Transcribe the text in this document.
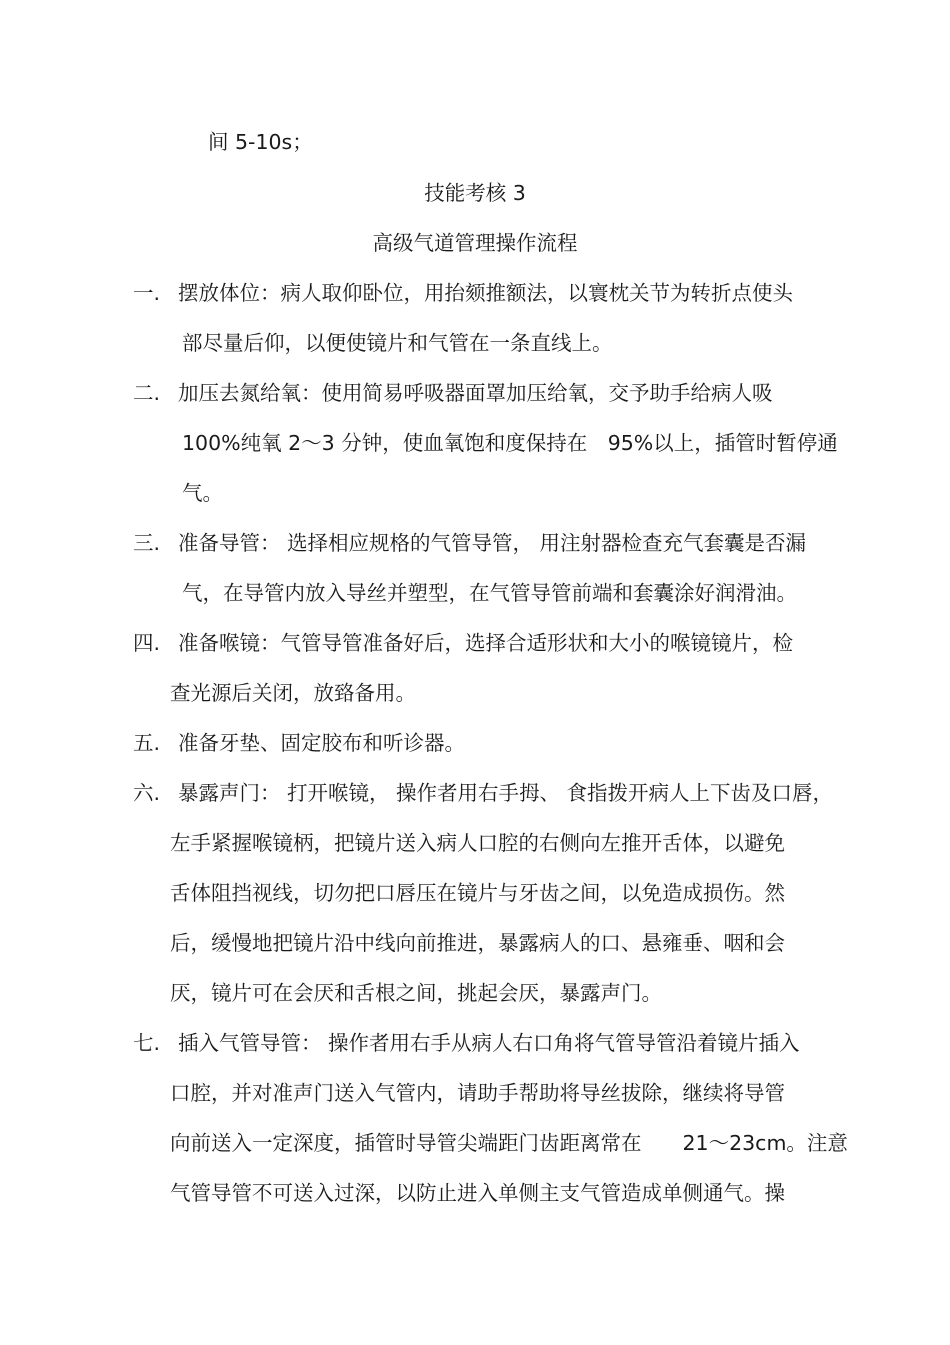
间 5-10s；

技能考核 3

高级气道管理操作流程

一. 摆放体位：病人取仰卧位，用抬颏推额法，以寰枕关节为转折点使头

部尽量后仰，以便使镜片和气管在一条直线上。

二. 加压去氮给氧：使用简易呼吸器面罩加压给氧，交予助手给病人吸

100%纯氧 2～3 分钟，使血氧饱和度保持在　95%以上，插管时暂停通

气。

三. 准备导管： 选择相应规格的气管导管， 用注射器检查充气套囊是否漏

气，在导管内放入导丝并塑型，在气管导管前端和套囊涂好润滑油。

四. 准备喉镜：气管导管准备好后，选择合适形状和大小的喉镜镜片，检

查光源后关闭，放臵备用。

五. 准备牙垫、固定胶布和听诊器。

六. 暴露声门： 打开喉镜， 操作者用右手拇、 食指拨开病人上下齿及口唇，

左手紧握喉镜柄，把镜片送入病人口腔的右侧向左推开舌体，以避免

舌体阻挡视线，切勿把口唇压在镜片与牙齿之间，以免造成损伤。然

后，缓慢地把镜片沿中线向前推进，暴露病人的口、悬雍垂、咽和会

厌，镜片可在会厌和舌根之间，挑起会厌，暴露声门。

七. 插入气管导管： 操作者用右手从病人右口角将气管导管沿着镜片插入

口腔，并对准声门送入气管内，请助手帮助将导丝拔除，继续将导管

向前送入一定深度，插管时导管尖端距门齿距离常在　　21～23cm。注意

气管导管不可送入过深，以防止进入单侧主支气管造成单侧通气。操
